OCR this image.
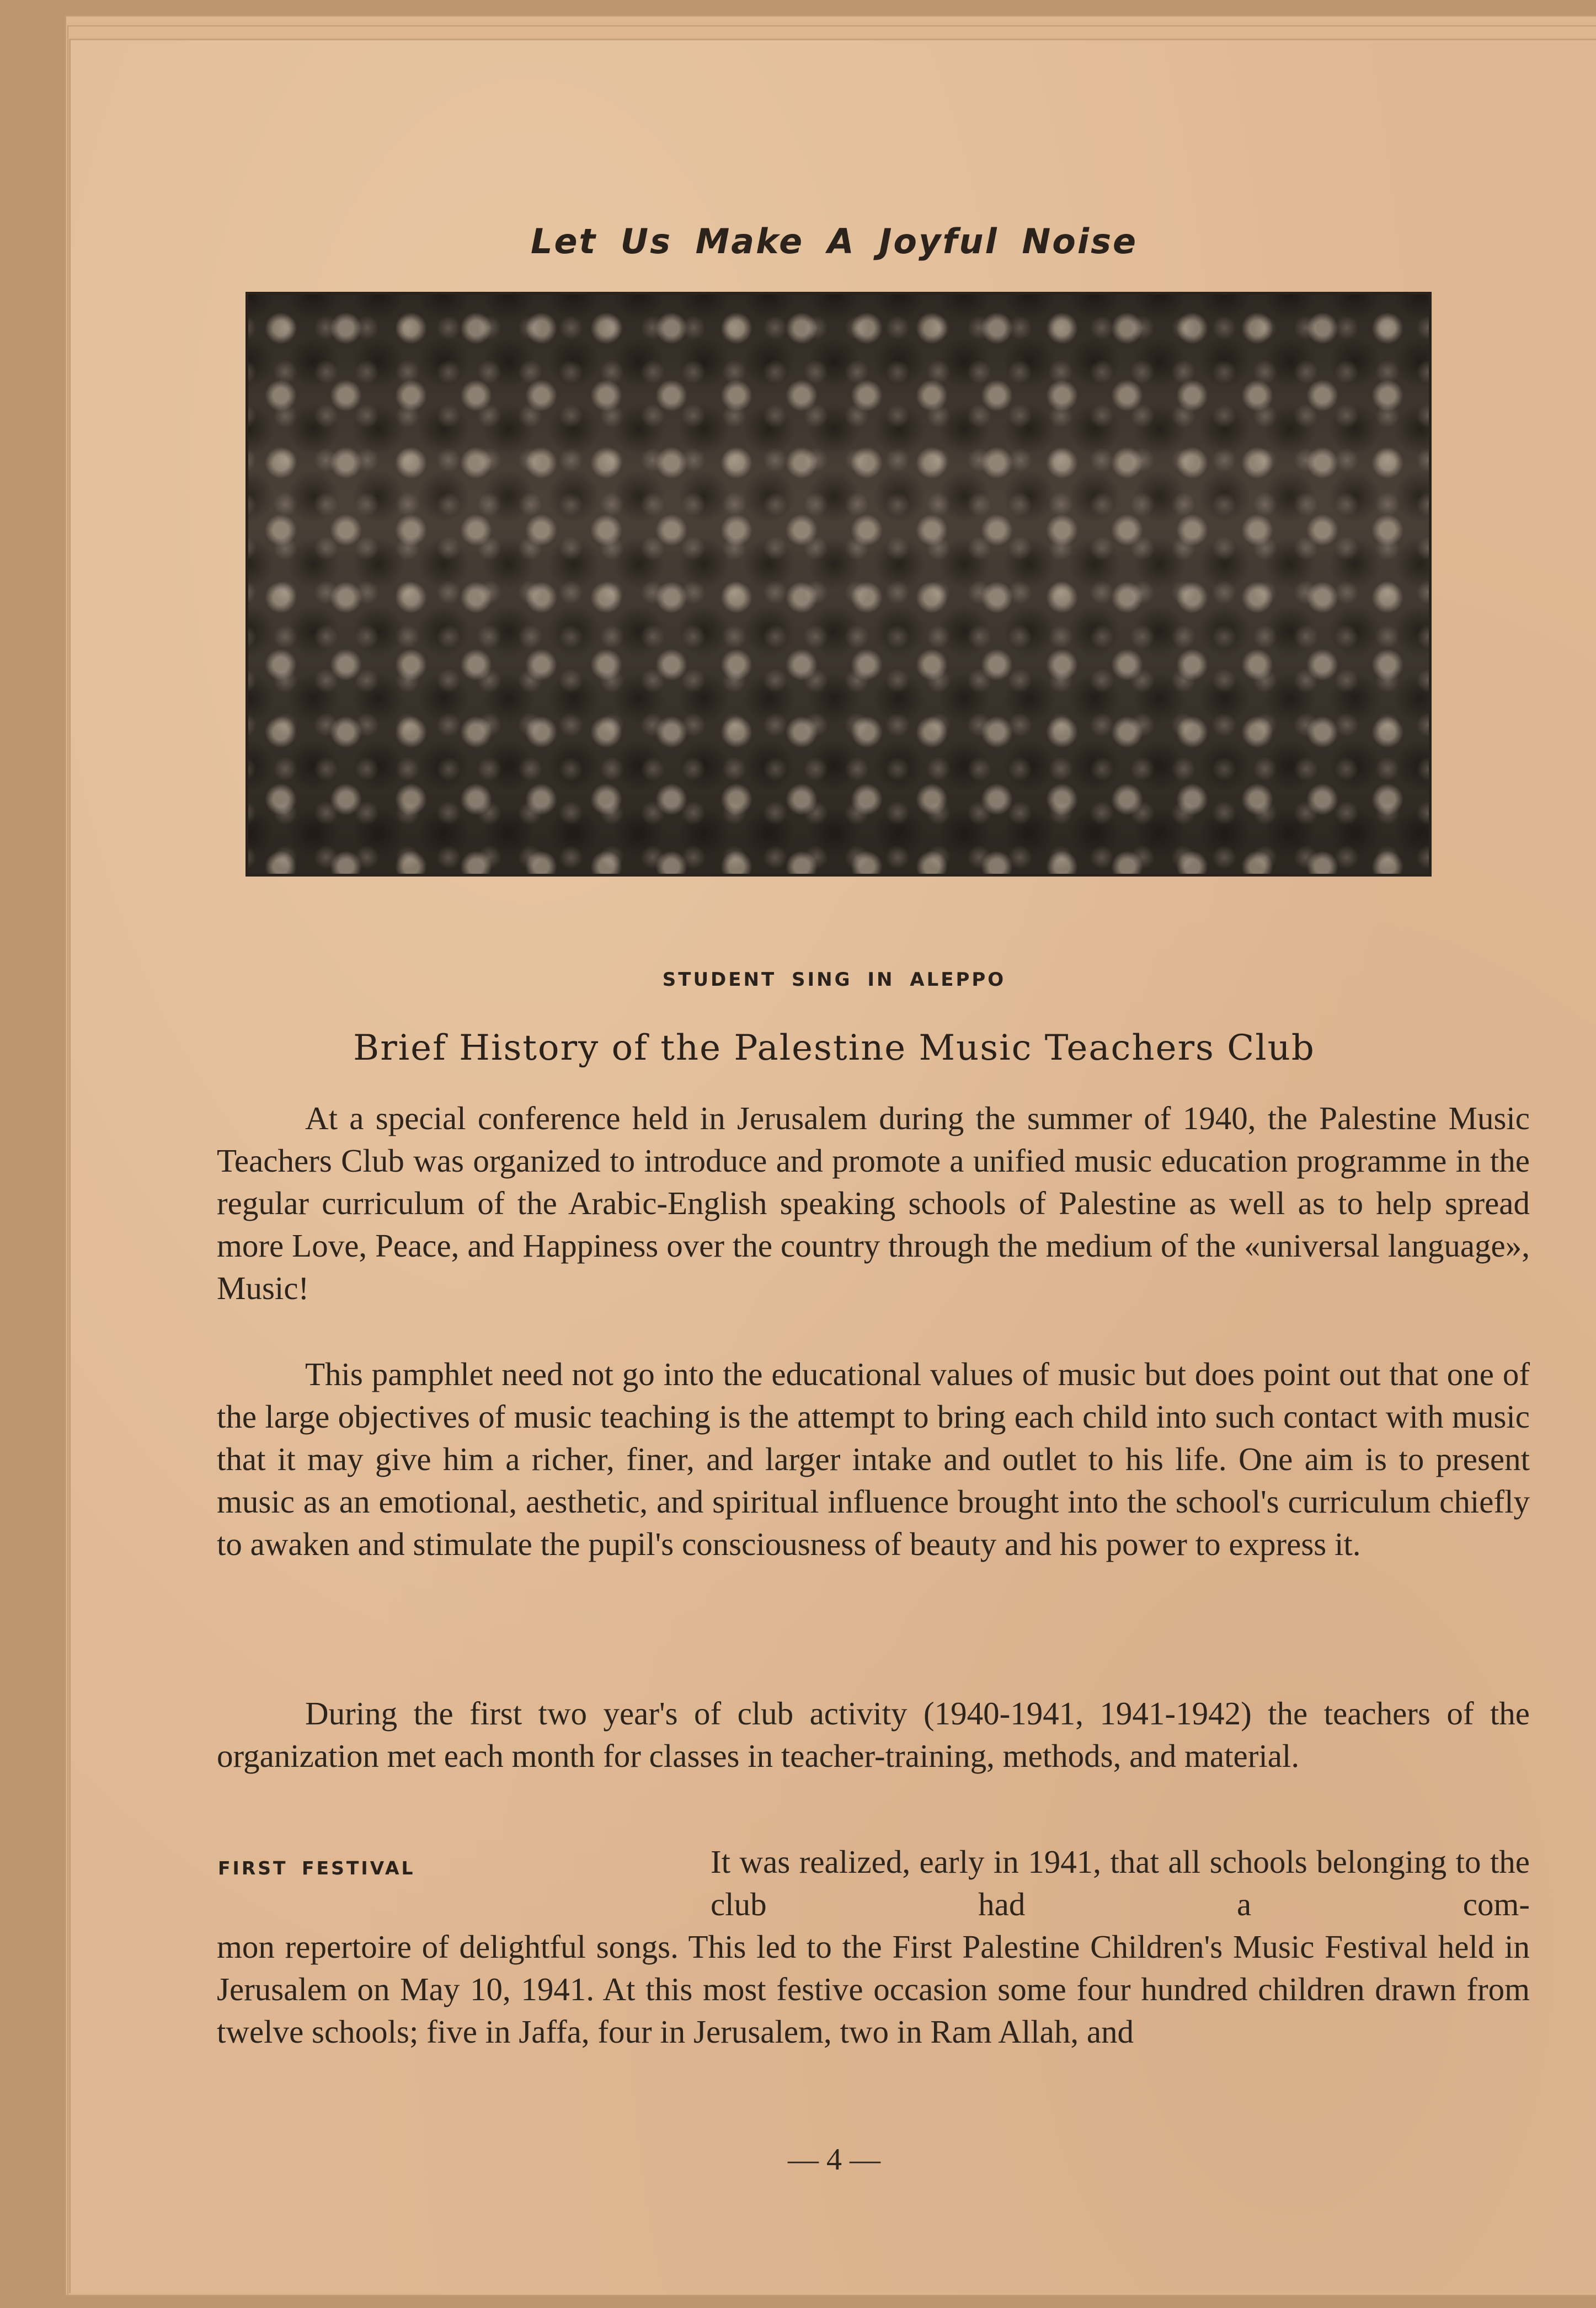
Let Us Make A Joyful Noise
STUDENT SING IN ALEPPO
Brief History of the Palestine Music Teachers Club

At a special conference held in Jerusalem during the summer of 1940, the Palestine Music Teachers Club was organized to introduce and promote a unified music education programme in the regular curriculum of the Arabic-English speaking schools of Palestine as well as to help spread more Love, Peace, and Happiness over the country through the medium of the «universal language», Music!

This pamphlet need not go into the educational values of music but does point out that one of the large objectives of music teaching is the attempt to bring each child into such contact with music that it may give him a richer, finer, and larger intake and outlet to his life. One aim is to present music as an emotional, aesthetic, and spiritual influence brought into the school's curriculum chiefly to awaken and stimulate the pupil's consciousness of beauty and his power to express it.

During the first two year's of club activity (1940-1941, 1941-1942) the teachers of the organization met each month for classes in teacher-training, methods, and material.

FIRST FESTIVAL	It was realized, early in 1941, that all schools belonging to the club had a com-

mon repertoire of delightful songs. This led to the First Palestine Children's Music Festival held in Jerusalem on May 10, 1941. At this most festive occasion some four hundred children drawn from twelve schools; five in Jaffa, four in Jerusalem, two in Ram Allah, and

— 4 —
